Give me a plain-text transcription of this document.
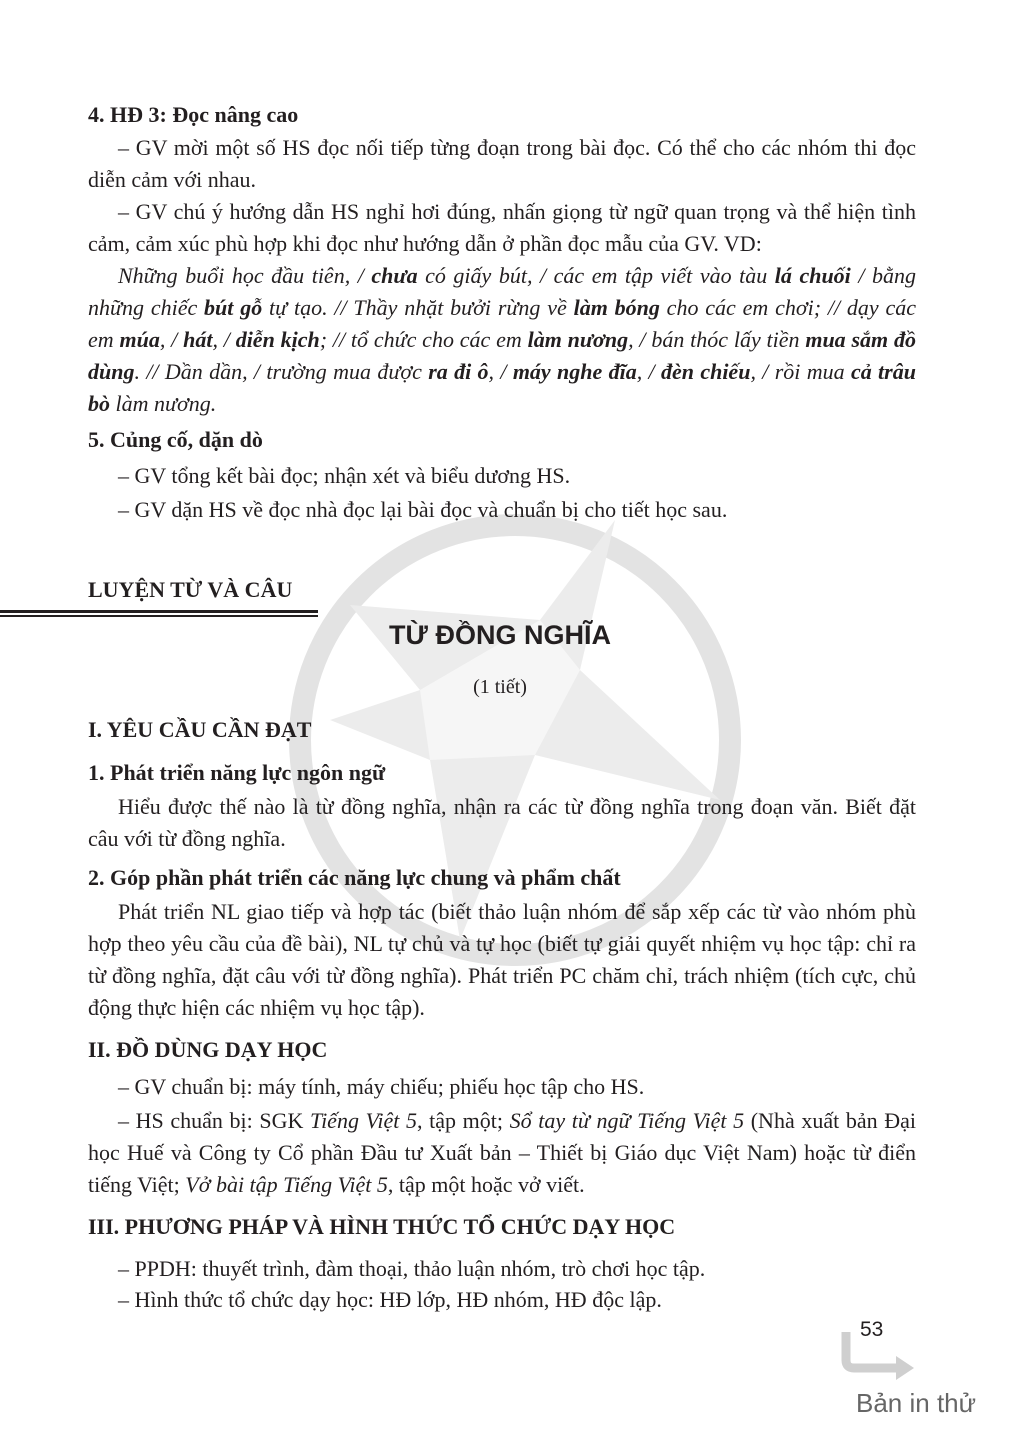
4. HĐ 3: Đọc nâng cao
– GV mời một số HS đọc nối tiếp từng đoạn trong bài đọc. Có thể cho các nhóm thi đọc diễn cảm với nhau.
– GV chú ý hướng dẫn HS nghỉ hơi đúng, nhấn giọng từ ngữ quan trọng và thể hiện tình cảm, cảm xúc phù hợp khi đọc như hướng dẫn ở phần đọc mẫu của GV. VD:
Những buổi học đầu tiên, / chưa có giấy bút, / các em tập viết vào tàu lá chuối / bằng những chiếc bút gỗ tự tạo. // Thầy nhặt bưởi rừng về làm bóng cho các em chơi; // dạy các em múa, / hát, / diễn kịch; // tổ chức cho các em làm nương, / bán thóc lấy tiền mua sắm đồ dùng. // Dần dần, / trường mua được ra đi ô, / máy nghe đĩa, / đèn chiếu, / rồi mua cả trâu bò làm nương.
5. Củng cố, dặn dò
– GV tổng kết bài đọc; nhận xét và biểu dương HS.
– GV dặn HS về đọc nhà đọc lại bài đọc và chuẩn bị cho tiết học sau.
LUYỆN TỪ VÀ CÂU
TỪ ĐỒNG NGHĨA
(1 tiết)
I. YÊU CẦU CẦN ĐẠT
1. Phát triển năng lực ngôn ngữ
Hiểu được thế nào là từ đồng nghĩa, nhận ra các từ đồng nghĩa trong đoạn văn. Biết đặt câu với từ đồng nghĩa.
2. Góp phần phát triển các năng lực chung và phẩm chất
Phát triển NL giao tiếp và hợp tác (biết thảo luận nhóm để sắp xếp các từ vào nhóm phù hợp theo yêu cầu của đề bài), NL tự chủ và tự học (biết tự giải quyết nhiệm vụ học tập: chỉ ra từ đồng nghĩa, đặt câu với từ đồng nghĩa). Phát triển PC chăm chỉ, trách nhiệm (tích cực, chủ động thực hiện các nhiệm vụ học tập).
II. ĐỒ DÙNG DẠY HỌC
– GV chuẩn bị: máy tính, máy chiếu; phiếu học tập cho HS.
– HS chuẩn bị: SGK Tiếng Việt 5, tập một; Sổ tay từ ngữ Tiếng Việt 5 (Nhà xuất bản Đại học Huế và Công ty Cổ phần Đầu tư Xuất bản – Thiết bị Giáo dục Việt Nam) hoặc từ điển tiếng Việt; Vở bài tập Tiếng Việt 5, tập một hoặc vở viết.
III. PHƯƠNG PHÁP VÀ HÌNH THỨC TỔ CHỨC DẠY HỌC
– PPDH: thuyết trình, đàm thoại, thảo luận nhóm, trò chơi học tập.
– Hình thức tổ chức dạy học: HĐ lớp, HĐ nhóm, HĐ độc lập.
53
Bản in thử
